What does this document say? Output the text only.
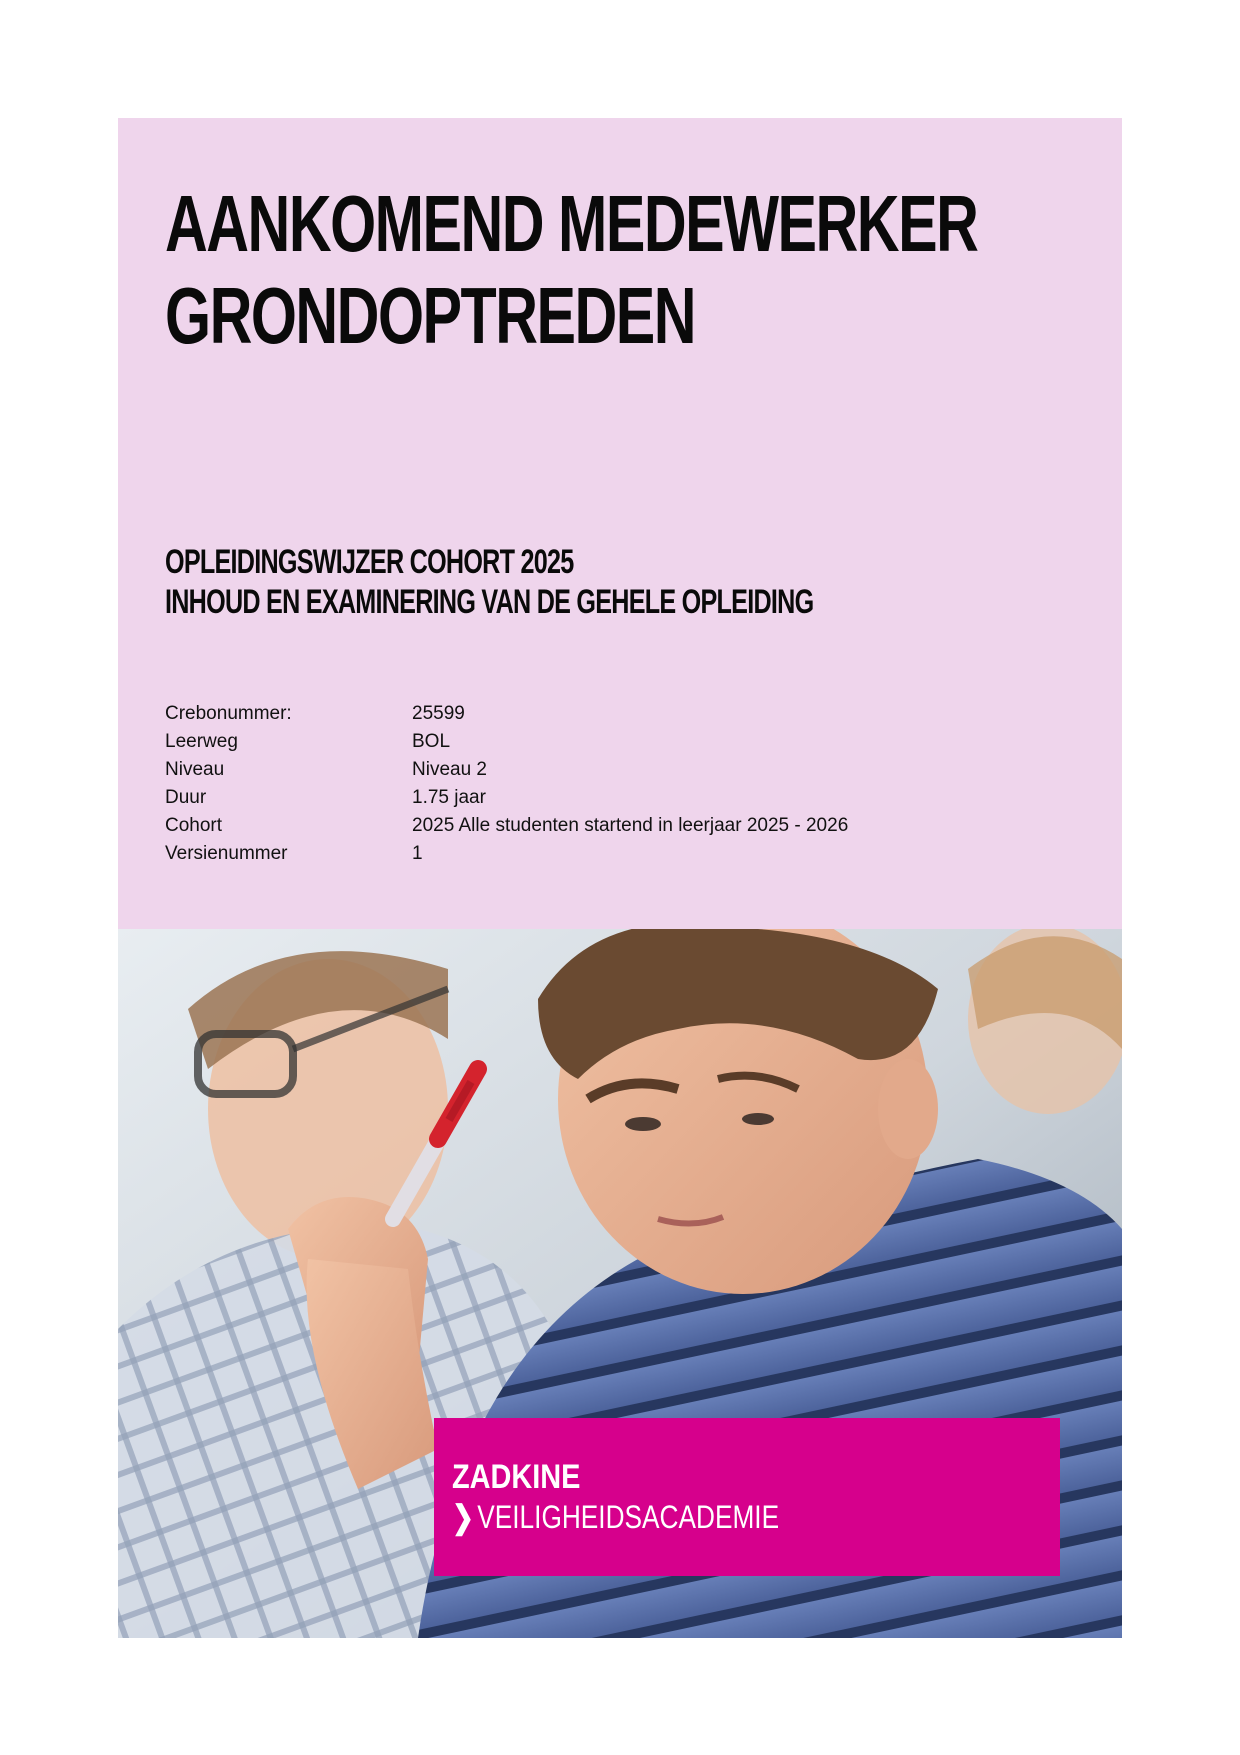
AANKOMEND MEDEWERKER
GRONDOPTREDEN
OPLEIDINGSWIJZER COHORT 2025
INHOUD EN EXAMINERING VAN DE GEHELE OPLEIDING
Crebonummer:	25599
Leerweg	BOL
Niveau	Niveau 2
Duur	1.75 jaar
Cohort	2025 Alle studenten startend in leerjaar 2025 - 2026
Versienummer	1
ZADKINE
❯ VEILIGHEIDSACADEMIE
